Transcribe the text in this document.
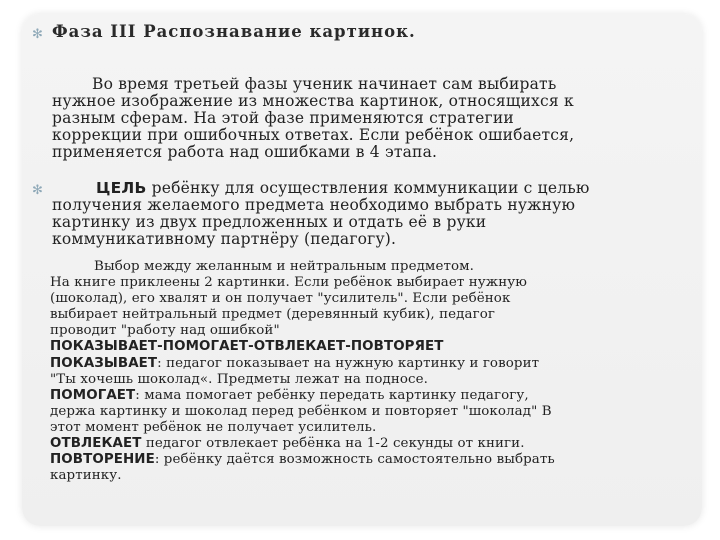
✻ Фаза III Распознавание картинок.
Во время третьей фазы ученик начинает сам выбирать
нужное изображение из множества картинок, относящихся к
разным сферам. На этой фазе применяются стратегии
коррекции при ошибочных ответах. Если ребёнок ошибается,
применяется работа над ошибками в 4 этапа.
✻	ЦЕЛЬ ребёнку для осуществления коммуникации с целью
получения желаемого предмета необходимо выбрать нужную
картинку из двух предложенных и отдать её в руки
коммуникативному партнёру (педагогу).
Выбор между желанным и нейтральным предметом.
На книге приклеены 2 картинки. Если ребёнок выбирает нужную
(шоколад), его хвалят и он получает "усилитель". Если ребёнок
выбирает нейтральный предмет (деревянный кубик), педагог
проводит "работу над ошибкой"
ПОКАЗЫВАЕТ-ПОМОГАЕТ-ОТВЛЕКАЕТ-ПОВТОРЯЕТ
ПОКАЗЫВАЕТ: педагог показывает на нужную картинку и говорит
"Ты хочешь шоколад«. Предметы лежат на подносе.
ПОМОГАЕТ: мама помогает ребёнку передать картинку педагогу,
держа картинку и шоколад перед ребёнком и повторяет "шоколад" В
этот момент ребёнок не получает усилитель.
ОТВЛЕКАЕТ педагог отвлекает ребёнка на 1-2 секунды от книги.
ПОВТОРЕНИЕ: ребёнку даётся возможность самостоятельно выбрать
картинку.
